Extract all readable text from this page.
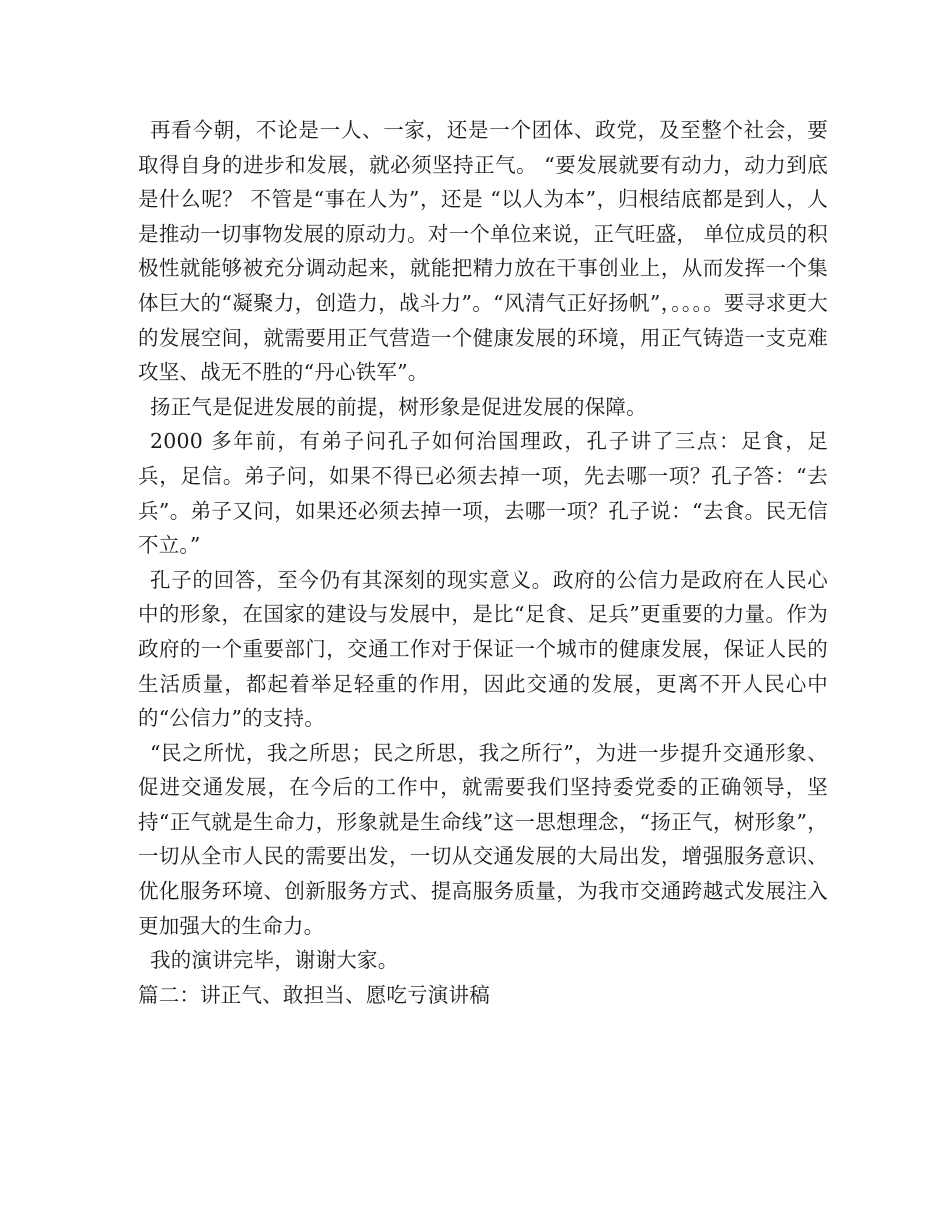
再看今朝，不论是一人、一家，还是一个团体、政党，及至整个社会，要取得自身的进步和发展，就必须坚持正气。 “要发展就要有动力，动力到底是什么呢？ 不管是“事在人为”，还是 “以人为本”，归根结底都是到人，人是推动一切事物发展的原动力。对一个单位来说，正气旺盛， 单位成员的积极性就能够被充分调动起来，就能把精力放在干事创业上，从而发挥一个集体巨大的“凝聚力，创造力，战斗力”。“风清气正好扬帆”，。。。。要寻求更大的发展空间，就需要用正气营造一个健康发展的环境，用正气铸造一支克难攻坚、战无不胜的“丹心铁军”。

扬正气是促进发展的前提，树形象是促进发展的保障。

2000 多年前，有弟子问孔子如何治国理政，孔子讲了三点：足食，足兵，足信。弟子问，如果不得已必须去掉一项，先去哪一项？孔子答：“去兵”。弟子又问，如果还必须去掉一项，去哪一项？孔子说：“去食。民无信不立。”

孔子的回答，至今仍有其深刻的现实意义。政府的公信力是政府在人民心中的形象，在国家的建设与发展中，是比“足食、足兵”更重要的力量。作为政府的一个重要部门，交通工作对于保证一个城市的健康发展，保证人民的生活质量，都起着举足轻重的作用，因此交通的发展，更离不开人民心中的“公信力”的支持。

“民之所忧，我之所思；民之所思，我之所行”，为进一步提升交通形象、促进交通发展，在今后的工作中，就需要我们坚持委党委的正确领导，坚持“正气就是生命力，形象就是生命线”这一思想理念，“扬正气，树形象”，一切从全市人民的需要出发，一切从交通发展的大局出发，增强服务意识、优化服务环境、创新服务方式、提高服务质量，为我市交通跨越式发展注入更加强大的生命力。

我的演讲完毕，谢谢大家。

篇二：讲正气、敢担当、愿吃亏演讲稿
